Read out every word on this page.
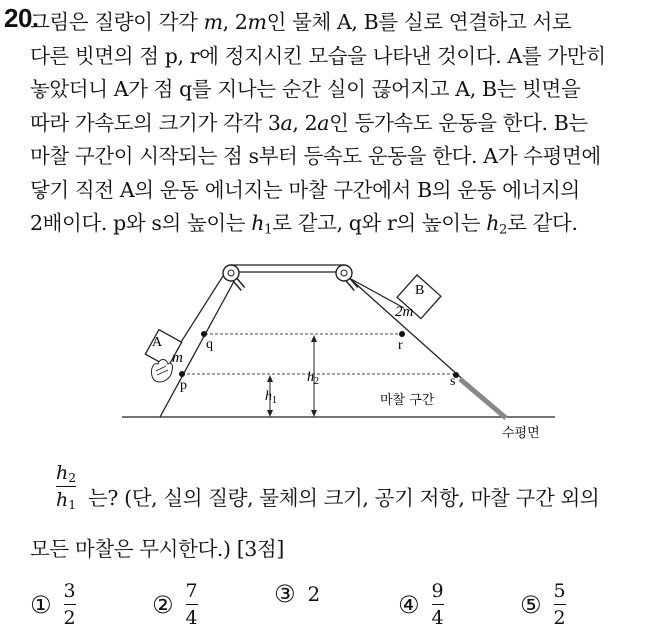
20.
그림은 질량이 각각 m, 2m인 물체 A, B를 실로 연결하고 서로
다른 빗면의 점 p, r에 정지시킨 모습을 나타낸 것이다. A를 가만히
놓았더니 A가 점 q를 지나는 순간 실이 끊어지고 A, B는 빗면을
따라 가속도의 크기가 각각 3a, 2a인 등가속도 운동을 한다. B는
마찰 구간이 시작되는 점 s부터 등속도 운동을 한다. A가 수평면에
닿기 직전 A의 운동 에너지는 마찰 구간에서 B의 운동 에너지의
2배이다. p와 s의 높이는 $h_1$로 같고, q와 r의 높이는 $h_2$로 같다.
A
m
q
p
B
2m
r
s
$h_2$
$h_1$	마찰 구간
수평면
$h_2$
$h_1$ 는? (단, 실의 질량, 물체의 크기, 공기 저항, 마찰 구간 외의
모든 마찰은 무시한다.) [3점]
① $\frac{3}{2}$	② $\frac{7}{4}$	③ 2	④ $\frac{9}{4}$	⑤ $\frac{5}{2}$
